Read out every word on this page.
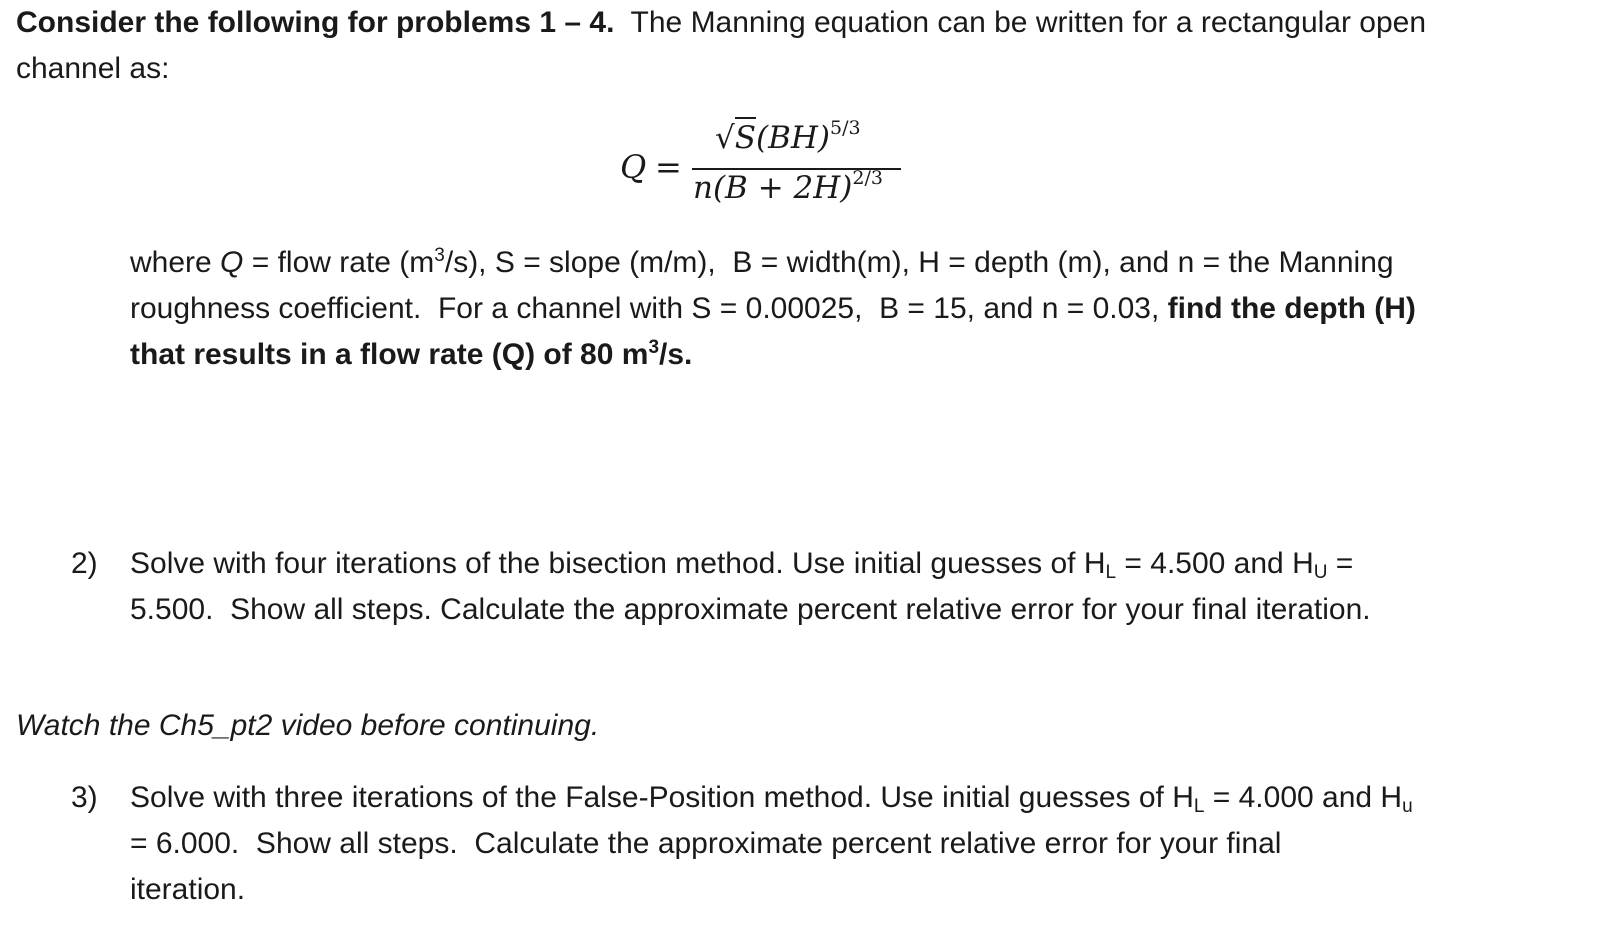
Consider the following for problems 1 – 4.  The Manning equation can be written for a rectangular open
channel as:
Q =
√S(BH)$^{5/3}$
$n(B + 2H)^{2/3}$
where Q = flow rate $(m^3/s)$, S = slope (m/m),  B = width(m), H = depth (m), and n = the Manning
roughness coefficient.  For a channel with S = 0.00025,  B = 15, and n = 0.03, find the depth (H)
that results in a flow rate (Q) of 80 $m^3/s$.
2) Solve with four iterations of the bisection method. Use initial guesses of $H_L = 4.500$ and $H_U$ =
5.500.  Show all steps. Calculate the approximate percent relative error for your final iteration.
Watch the Ch5_pt2 video before continuing.
3) Solve with three iterations of the False-Position method. Use initial guesses of $H_L = 4.000$ and $H_u$
= 6.000.  Show all steps.  Calculate the approximate percent relative error for your final
iteration.
